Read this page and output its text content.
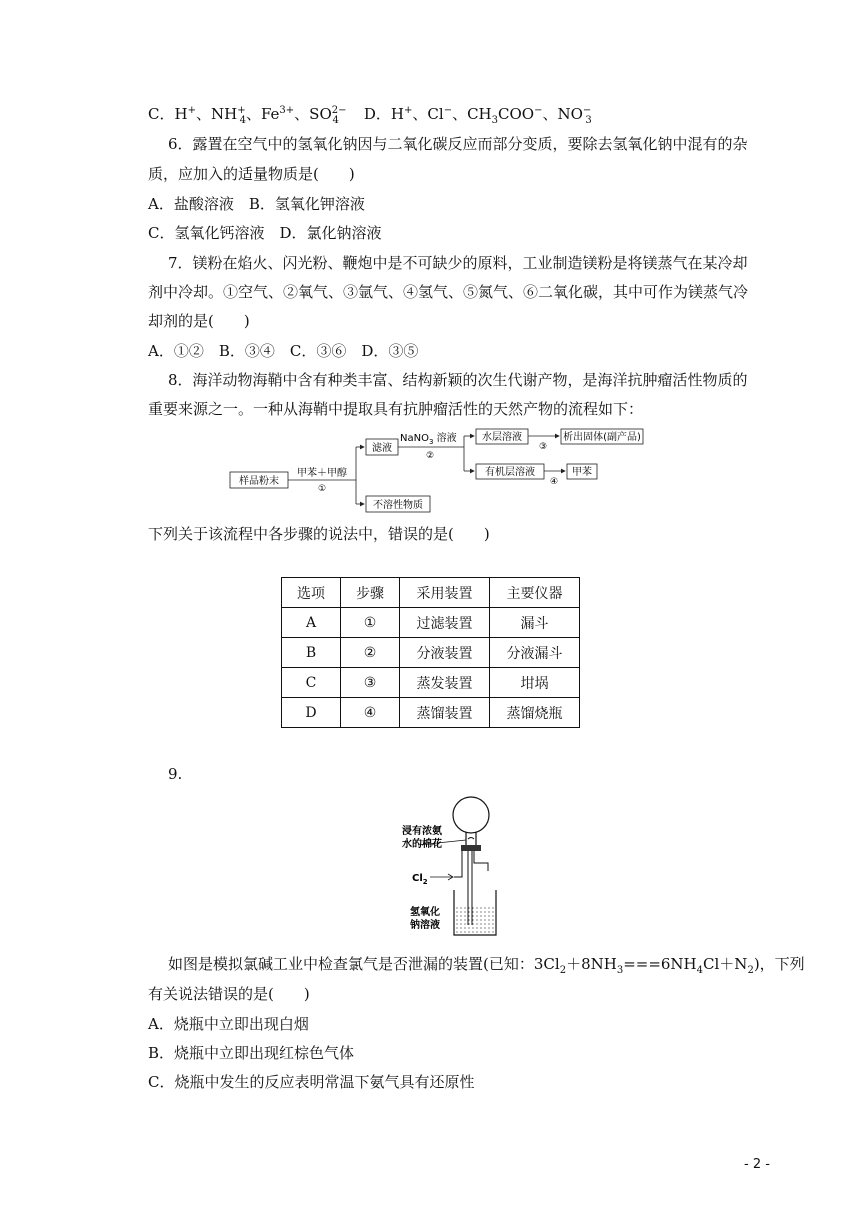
C．H+、$NH^+_4$、$Fe^{3+}$、$SO^{2-}_4$　 D．H+、Cl−、$CH_3COO^-$、$NO^-_3$
6．露置在空气中的氢氧化钠因与二氧化碳反应而部分变质，要除去氢氧化钠中混有的杂
质，应加入的适量物质是(　　)
A．盐酸溶液　B．氢氧化钾溶液
C．氢氧化钙溶液　D．氯化钠溶液
7．镁粉在焰火、闪光粉、鞭炮中是不可缺少的原料，工业制造镁粉是将镁蒸气在某冷却
剂中冷却。①空气、②氧气、③氩气、④氢气、⑤氮气、⑥二氧化碳，其中可作为镁蒸气冷
却剂的是(　　)
A．①②　B．③④　C．③⑥　D．③⑤
8．海洋动物海鞘中含有种类丰富、结构新颖的次生代谢产物，是海洋抗肿瘤活性物质的
重要来源之一。一种从海鞘中提取具有抗肿瘤活性的天然产物的流程如下：
样品粉末
甲苯＋甲醇
①
滤液
不溶性物质
NaNO$_3$ 溶液
②
水层溶液
③
析出固体(副产品)
有机层溶液
④
甲苯
下列关于该流程中各步骤的说法中，错误的是(　　)
选项	步骤	采用装置	主要仪器
A	①	过滤装置	漏斗
B	②	分液装置	分液漏斗
C	③	蒸发装置	坩埚
D	④	蒸馏装置	蒸馏烧瓶
9.
浸有浓氨
水的棉花
$Cl_2$
氢氧化
钠溶液
如图是模拟氯碱工业中检查氯气是否泄漏的装置(已知：$3Cl_2+8NH_3===6NH_4Cl+N_2$)，下列
有关说法错误的是(　　)
A．烧瓶中立即出现白烟
B．烧瓶中立即出现红棕色气体
C．烧瓶中发生的反应表明常温下氨气具有还原性
- 2 -
